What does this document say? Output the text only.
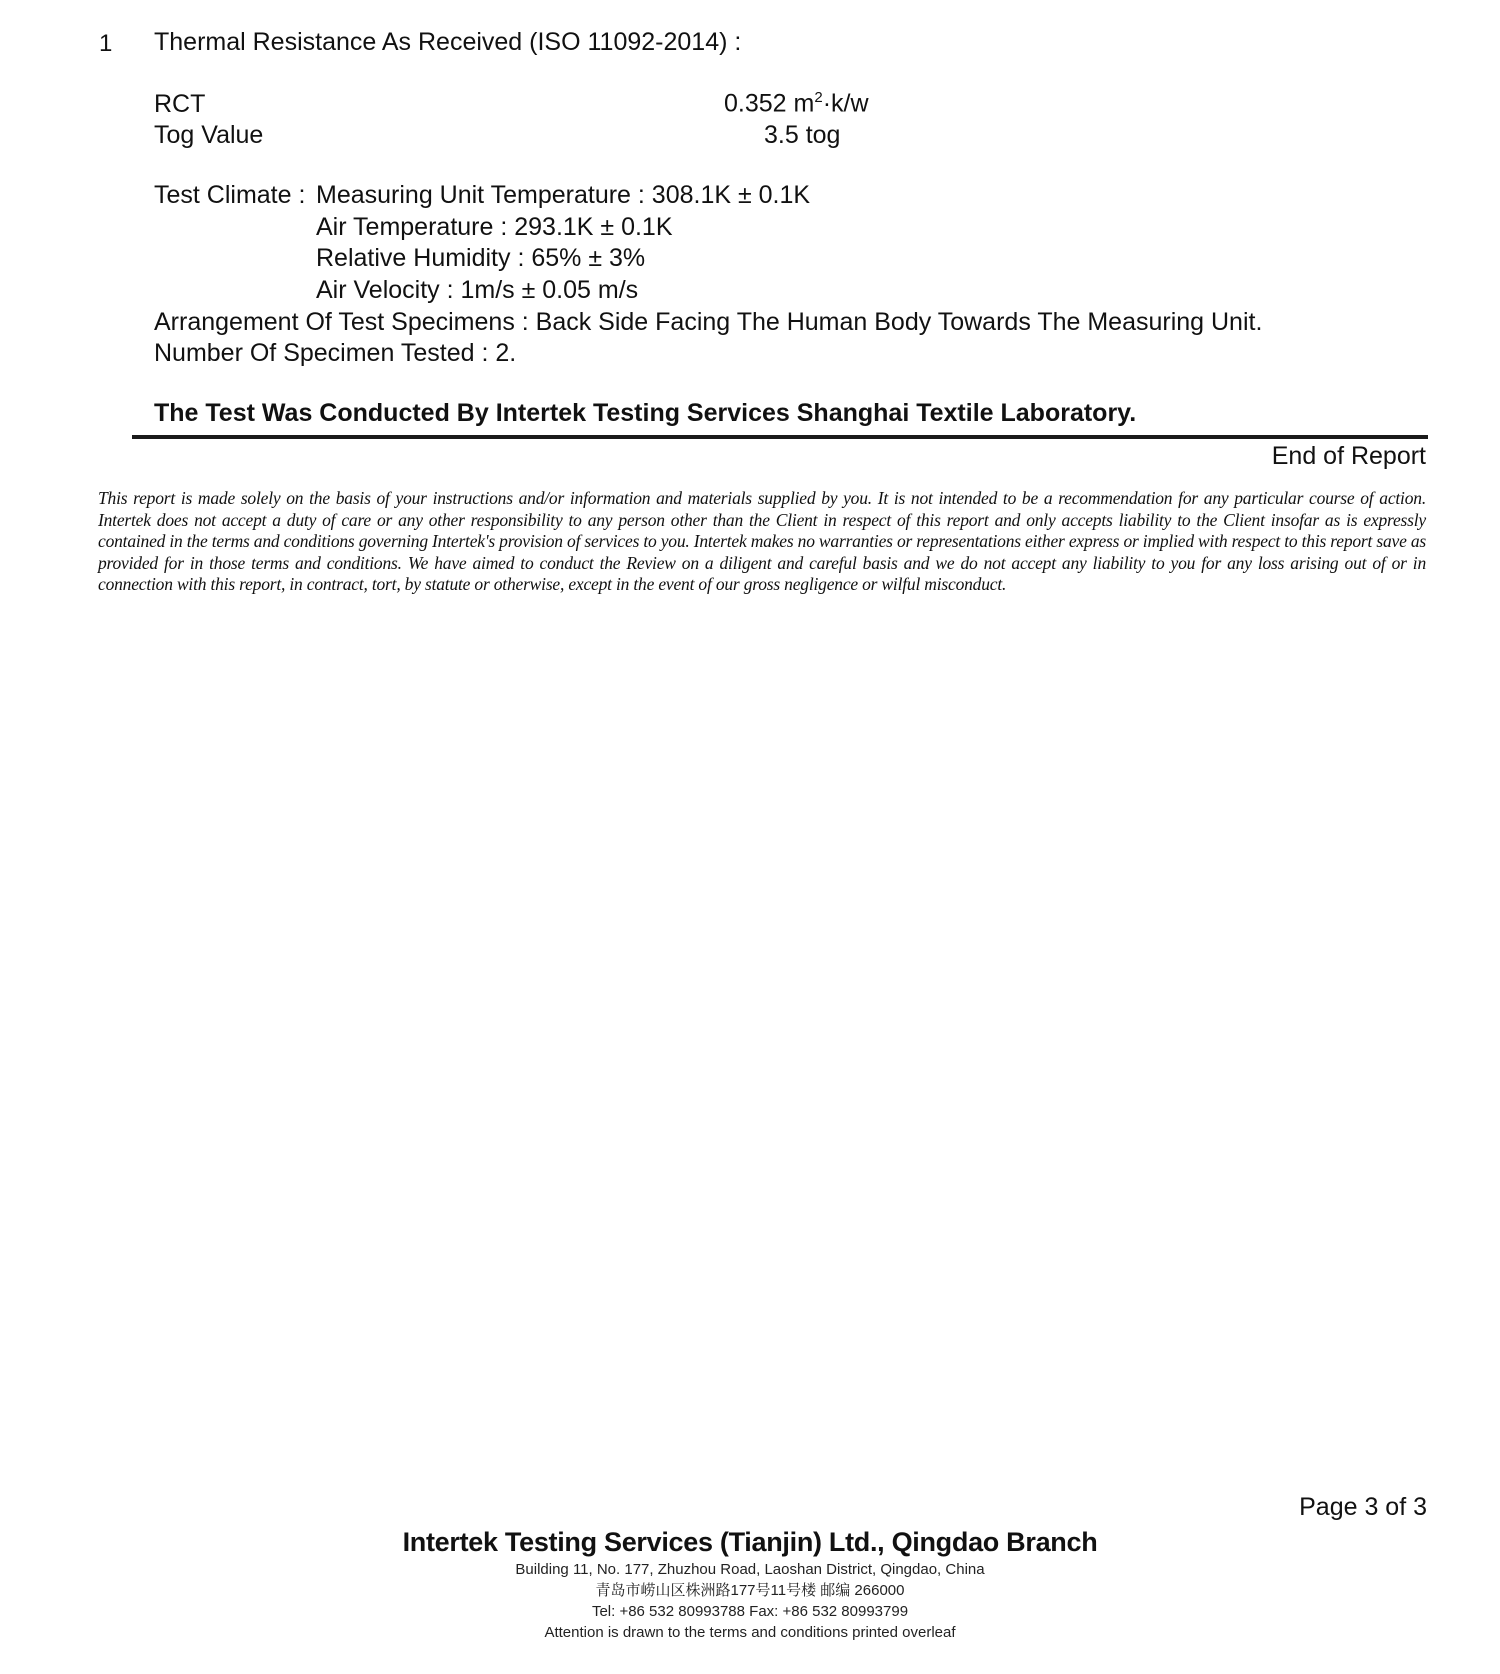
1 Thermal Resistance As Received (ISO 11092-2014) :
RCT	0.352 $m^2\cdot k/w$
Tog Value	3.5 tog
Test Climate : Measuring Unit Temperature : 308.1K ± 0.1K
Air Temperature : 293.1K ± 0.1K
Relative Humidity : 65% ± 3%
Air Velocity : 1m/s ± 0.05 m/s
Arrangement Of Test Specimens : Back Side Facing The Human Body Towards The Measuring Unit.
Number Of Specimen Tested : 2.
The Test Was Conducted By Intertek Testing Services Shanghai Textile Laboratory.
End of Report
This report is made solely on the basis of your instructions and/or information and materials supplied by you. It is not intended to be a recommendation for any particular course of action. Intertek does not accept a duty of care or any other responsibility to any person other than the Client in respect of this report and only accepts liability to the Client insofar as is expressly contained in the terms and conditions governing Intertek's provision of services to you. Intertek makes no warranties or representations either express or implied with respect to this report save as provided for in those terms and conditions. We have aimed to conduct the Review on a diligent and careful basis and we do not accept any liability to you for any loss arising out of or in connection with this report, in contract, tort, by statute or otherwise, except in the event of our gross negligence or wilful misconduct.
Page 3 of 3
Intertek Testing Services (Tianjin) Ltd., Qingdao Branch
Building 11, No. 177, Zhuzhou Road, Laoshan District, Qingdao, China
青岛市崂山区株洲路177号11号楼 邮编 266000
Tel: +86 532 80993788 Fax: +86 532 80993799
Attention is drawn to the terms and conditions printed overleaf
